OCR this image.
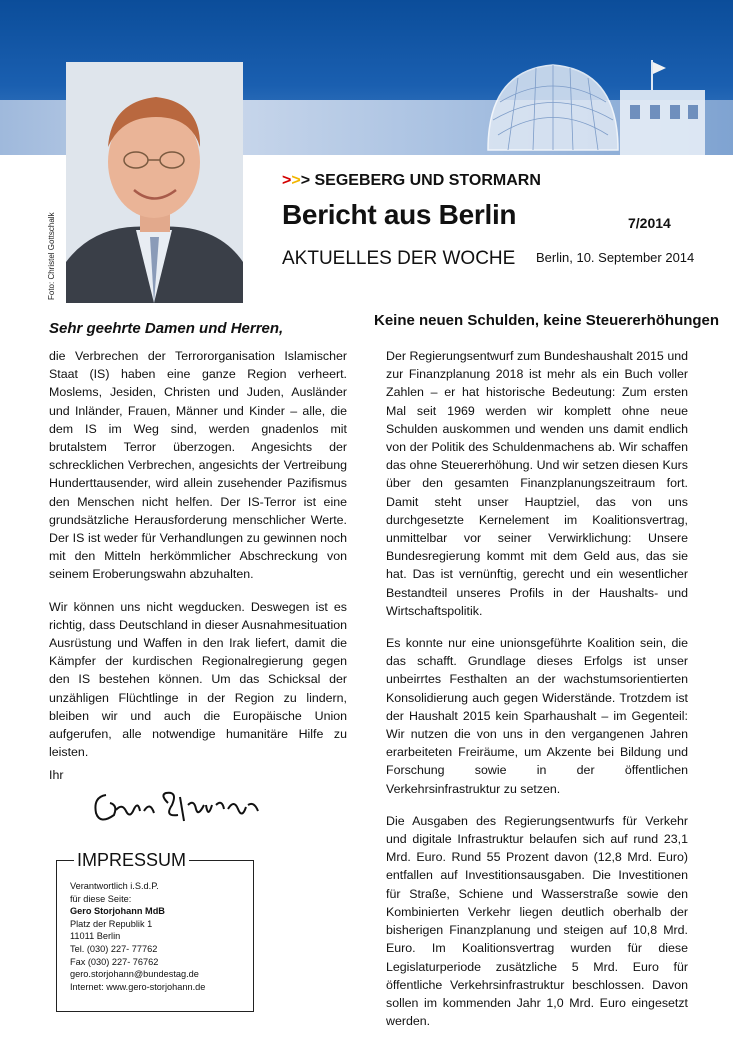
Foto: Christel Gottschalk
>>> SEGEBERG UND STORMARN
Bericht aus Berlin	7/2014
AKTUELLES DER WOCHE Berlin, 10. September 2014
Sehr geehrte Damen und Herren,

die Verbrechen der Terrororganisation Islamischer Staat (IS) haben eine ganze Region verheert. Moslems, Jesiden, Christen und Juden, Ausländer und Inländer, Frauen, Männer und Kinder – alle, die dem IS im Weg sind, werden gnadenlos mit brutalstem Terror überzogen. Angesichts der schrecklichen Verbrechen, angesichts der Vertreibung Hunderttausender, wird allein zusehender Pazifismus den Menschen nicht helfen. Der IS-Terror ist eine grundsätzliche Herausforderung menschlicher Werte. Der IS ist weder für Verhandlungen zu gewinnen noch mit den Mitteln herkömmlicher Abschreckung von seinem Eroberungswahn abzuhalten.

Wir können uns nicht wegducken. Deswegen ist es richtig, dass Deutschland in dieser Ausnahmesituation Ausrüstung und Waffen in den Irak liefert, damit die Kämpfer der kurdischen Regionalregierung gegen den IS bestehen können. Um das Schicksal der unzähligen Flüchtlinge in der Region zu lindern, bleiben wir und auch die Europäische Union aufgerufen, alle notwendige humanitäre Hilfe zu leisten.

Ihr
IMPRESSUM
Verantwortlich i.S.d.P.
für diese Seite:
Gero Storjohann MdB
Platz der Republik 1
11011 Berlin
Tel. (030) 227- 77762
Fax (030) 227- 76762
gero.storjohann@bundestag.de
Internet: www.gero-storjohann.de
Keine neuen Schulden, keine Steuererhöhungen

Der Regierungsentwurf zum Bundeshaushalt 2015 und zur Finanzplanung 2018 ist mehr als ein Buch voller Zahlen – er hat historische Bedeutung: Zum ersten Mal seit 1969 werden wir komplett ohne neue Schulden auskommen und wenden uns damit endlich von der Politik des Schuldenmachens ab. Wir schaffen das ohne Steuererhöhung. Und wir setzen diesen Kurs über den gesamten Finanzplanungszeitraum fort. Damit steht unser Hauptziel, das von uns durchgesetzte Kernelement im Koalitionsvertrag, unmittelbar vor seiner Verwirklichung: Unsere Bundesregierung kommt mit dem Geld aus, das sie hat. Das ist vernünftig, gerecht und ein wesentlicher Bestandteil unseres Profils in der Haushalts- und Wirtschaftspolitik.

Es konnte nur eine unionsgeführte Koalition sein, die das schafft. Grundlage dieses Erfolgs ist unser unbeirrtes Festhalten an der wachstumsorientierten Konsolidierung auch gegen Widerstände. Trotzdem ist der Haushalt 2015 kein Sparhaushalt – im Gegenteil: Wir nutzen die von uns in den vergangenen Jahren erarbeiteten Freiräume, um Akzente bei Bildung und Forschung sowie in der öffentlichen Verkehrsinfrastruktur zu setzen.

Die Ausgaben des Regierungsentwurfs für Verkehr und digitale Infrastruktur belaufen sich auf rund 23,1 Mrd. Euro. Rund 55 Prozent davon (12,8 Mrd. Euro) entfallen auf Investitionsausgaben. Die Investitionen für Straße, Schiene und Wasserstraße sowie den Kombinierten Verkehr liegen deutlich oberhalb der bisherigen Finanzplanung und steigen auf 10,8 Mrd. Euro. Im Koalitionsvertrag wurden für diese Legislaturperiode zusätzliche 5 Mrd. Euro für öffentliche Verkehrsinfrastruktur beschlossen. Davon sollen im kommenden Jahr 1,0 Mrd. Euro eingesetzt werden.
